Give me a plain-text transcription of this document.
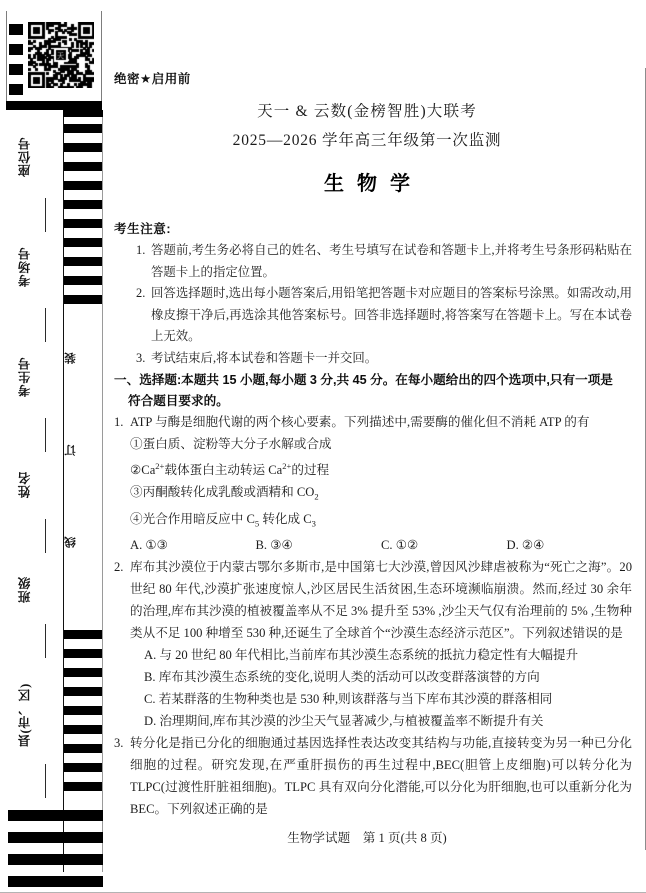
座位号
考场号
考生号
姓名
班级
县(市、区)
线　　　　　　　订　　　　　　　装
绝密★启用前
天一 & 云数(金榜智胜)大联考
2025—2026 学年高三年级第一次监测
生物学
考生注意:
1. 答题前,考生务必将自己的姓名、考生号填写在试卷和答题卡上,并将考生号条形码粘贴在答题卡上的指定位置。
2. 回答选择题时,选出每小题答案后,用铅笔把答题卡对应题目的答案标号涂黑。如需改动,用橡皮擦干净后,再选涂其他答案标号。回答非选择题时,将答案写在答题卡上。写在本试卷上无效。
3. 考试结束后,将本试卷和答题卡一并交回。
一、选择题:本题共 15 小题,每小题 3 分,共 45 分。在每小题给出的四个选项中,只有一项是
符合题目要求的。
1. ATP 与酶是细胞代谢的两个核心要素。下列描述中,需要酶的催化但不消耗 ATP 的有
①蛋白质、淀粉等大分子水解或合成
$②Ca^{2+}$载体蛋白主动转运 $Ca^{2+}$的过程
③丙酮酸转化成乳酸或酒精和 $CO_2$
④光合作用暗反应中 $C_5$ 转化成 $C_3$
A. ①③	B. ③④	C. ①②	D. ②④
2. 库布其沙漠位于内蒙古鄂尔多斯市,是中国第七大沙漠,曾因风沙肆虐被称为“死亡之海”。20 世纪 80 年代,沙漠扩张速度惊人,沙区居民生活贫困,生态环境濒临崩溃。然而,经过 30 余年的治理,库布其沙漠的植被覆盖率从不足 3% 提升至 53% ,沙尘天气仅有治理前的 5% ,生物种类从不足 100 种增至 530 种,还诞生了全球首个“沙漠生态经济示范区”。下列叙述错误的是
A. 与 20 世纪 80 年代相比,当前库布其沙漠生态系统的抵抗力稳定性有大幅提升
B. 库布其沙漠生态系统的变化,说明人类的活动可以改变群落演替的方向
C. 若某群落的生物种类也是 530 种,则该群落与当下库布其沙漠的群落相同
D. 治理期间,库布其沙漠的沙尘天气显著减少,与植被覆盖率不断提升有关
3. 转分化是指已分化的细胞通过基因选择性表达改变其结构与功能,直接转变为另一种已分化细胞的过程。研究发现,在严重肝损伤的再生过程中,BEC(胆管上皮细胞)可以转分化为 TLPC(过渡性肝脏祖细胞)。TLPC 具有双向分化潜能,可以分化为肝细胞,也可以重新分化为 BEC。下列叙述正确的是
生物学试题　第 1 页(共 8 页)
